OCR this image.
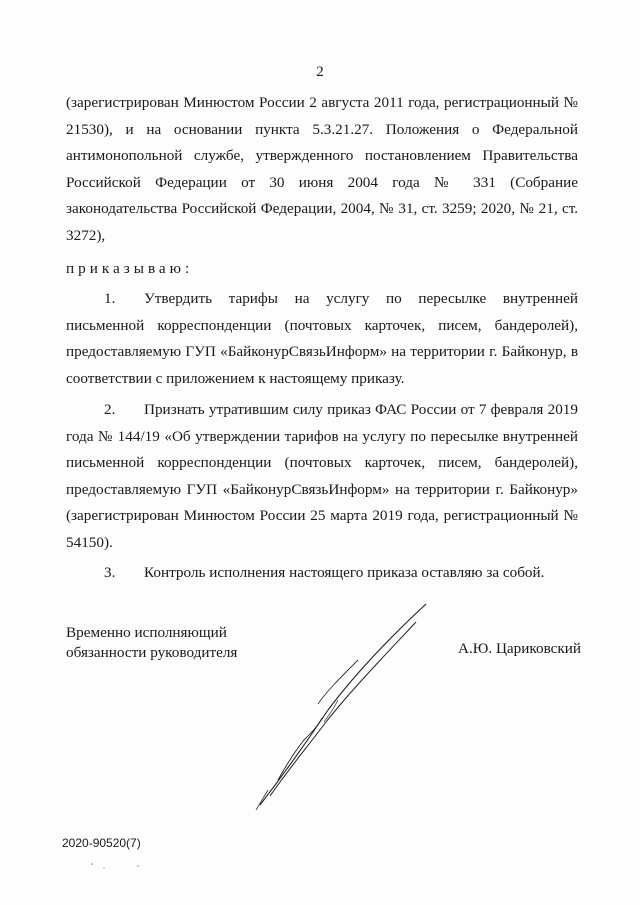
2
(зарегистрирован Минюстом России 2 августа 2011 года, регистрационный № 21530), и на основании пункта 5.3.21.27. Положения о Федеральной антимонопольной службе, утвержденного постановлением Правительства Российской Федерации от 30 июня 2004 года № 331 (Собрание законодательства Российской Федерации, 2004, № 31, ст. 3259; 2020, № 21, ст. 3272),
приказываю:
1. Утвердить тарифы на услугу по пересылке внутренней письменной корреспонденции (почтовых карточек, писем, бандеролей), предоставляемую ГУП «БайконурСвязьИнформ» на территории г. Байконур, в соответствии с приложением к настоящему приказу.
2. Признать утратившим силу приказ ФАС России от 7 февраля 2019 года № 144/19 «Об утверждении тарифов на услугу по пересылке внутренней письменной корреспонденции (почтовых карточек, писем, бандеролей), предоставляемую ГУП «БайконурСвязьИнформ» на территории г. Байконур» (зарегистрирован Минюстом России 25 марта 2019 года, регистрационный № 54150).
3. Контроль исполнения настоящего приказа оставляю за собой.
Временно исполняющий
обязанности руководителя	А.Ю. Цариковский
2020-90520(7)
